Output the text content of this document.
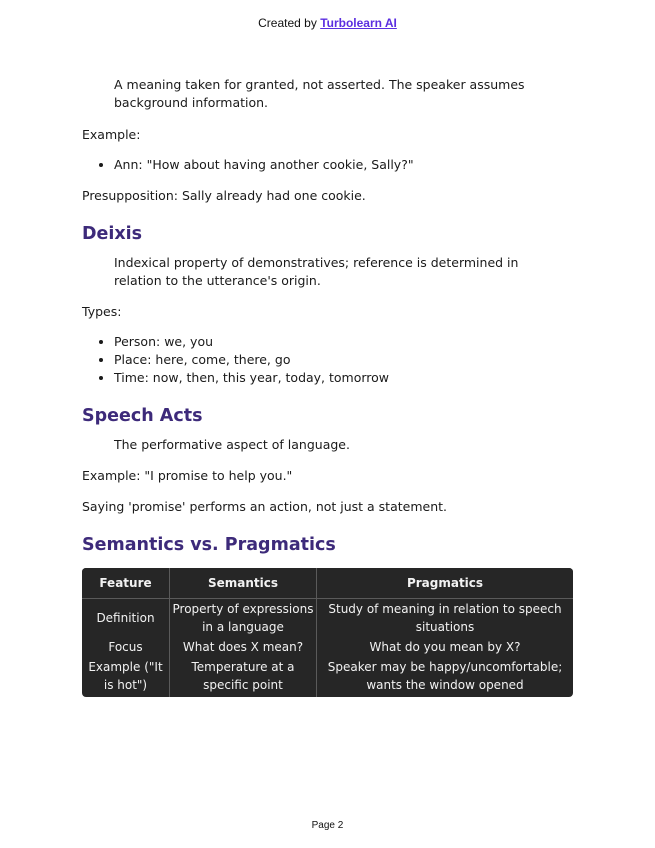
Created by Turbolearn AI

A meaning taken for granted, not asserted. The speaker assumes background information.

Example:

• Ann: "How about having another cookie, Sally?"

Presupposition: Sally already had one cookie.

Deixis

Indexical property of demonstratives; reference is determined in relation to the utterance's origin.

Types:

• Person: we, you
• Place: here, come, there, go
• Time: now, then, this year, today, tomorrow
Speech Acts

The performative aspect of language.

Example: "I promise to help you."

Saying 'promise' performs an action, not just a statement.

Semantics vs. Pragmatics
Feature	Semantics	Pragmatics
Definition	Property of expressions in a language	Study of meaning in relation to speech situations
Focus	What does X mean?	What do you mean by X?
Example ("It is hot")	Temperature at a specific point	Speaker may be happy/uncomfortable; wants the window opened
Page 2
